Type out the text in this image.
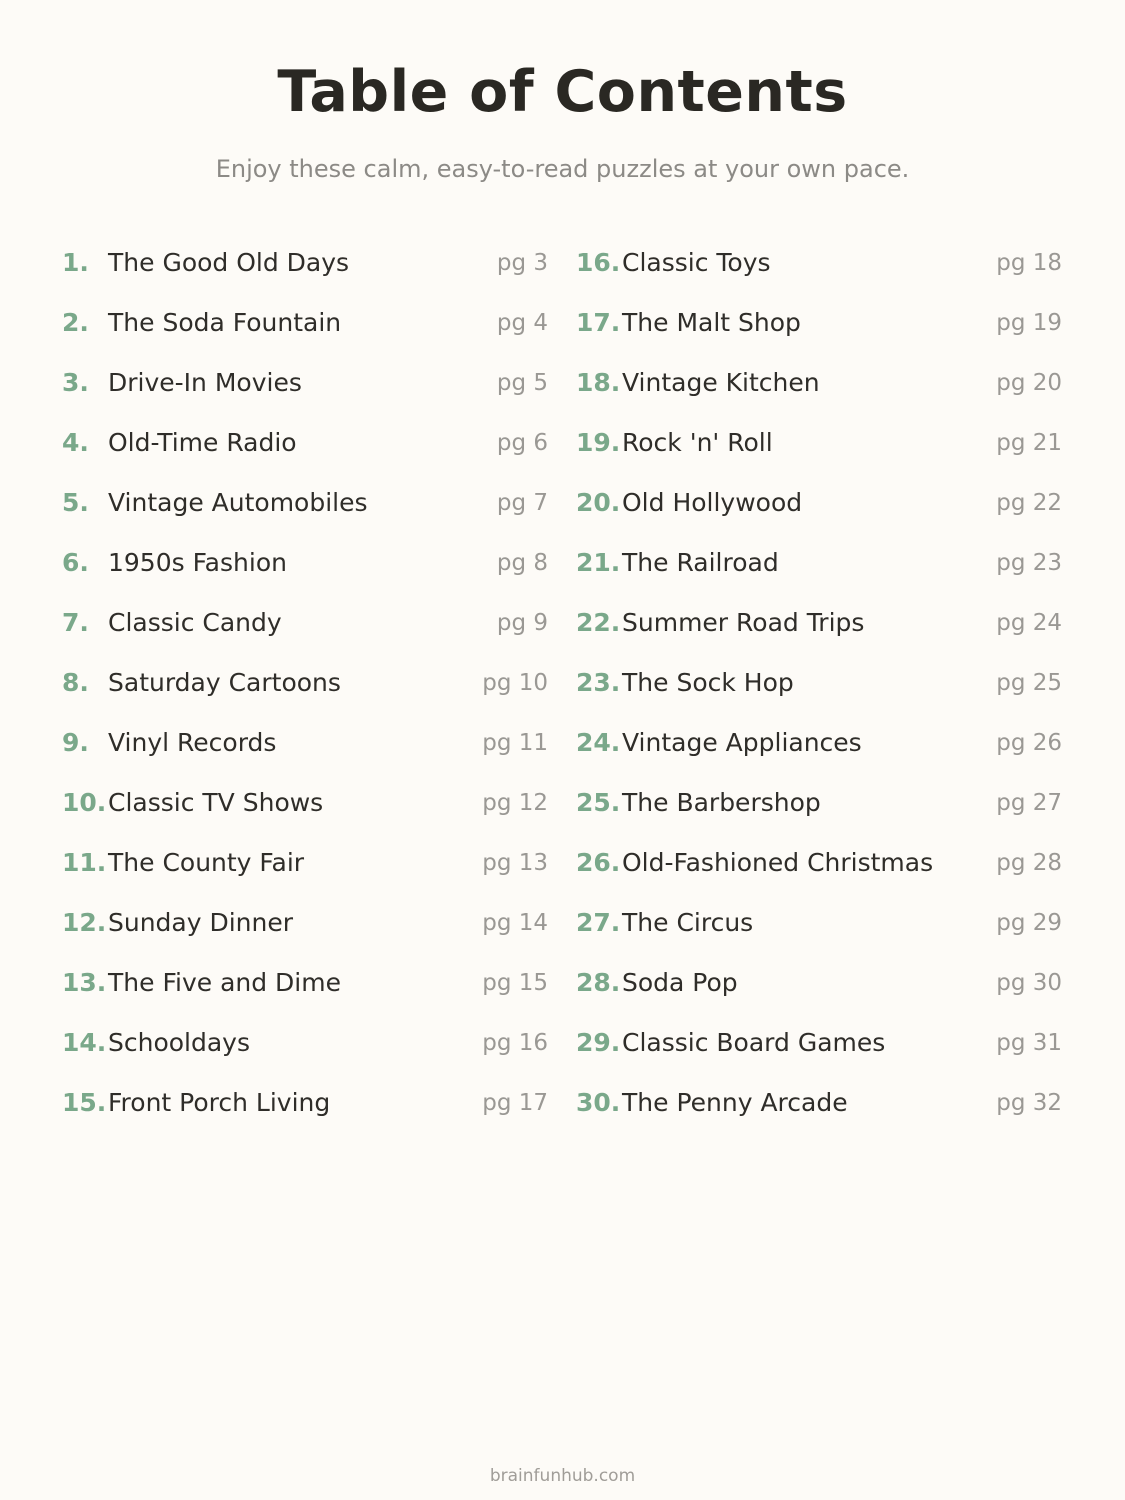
Table of Contents
Enjoy these calm, easy-to-read puzzles at your own pace.
1. The Good Old Days	pg 3
2. The Soda Fountain	pg 4
3. Drive-In Movies	pg 5
4. Old-Time Radio	pg 6
5. Vintage Automobiles	pg 7
6. 1950s Fashion	pg 8
7. Classic Candy	pg 9
8. Saturday Cartoons	pg 10
9. Vinyl Records	pg 11
10. Classic TV Shows	pg 12
11. The County Fair	pg 13
12. Sunday Dinner	pg 14
13. The Five and Dime	pg 15
14. Schooldays	pg 16
15. Front Porch Living	pg 17
16. Classic Toys	pg 18
17. The Malt Shop	pg 19
18. Vintage Kitchen	pg 20
19. Rock 'n' Roll	pg 21
20. Old Hollywood	pg 22
21. The Railroad	pg 23
22. Summer Road Trips	pg 24
23. The Sock Hop	pg 25
24. Vintage Appliances	pg 26
25. The Barbershop	pg 27
26. Old-Fashioned Christmas	pg 28
27. The Circus	pg 29
28. Soda Pop	pg 30
29. Classic Board Games	pg 31
30. The Penny Arcade	pg 32
brainfunhub.com
